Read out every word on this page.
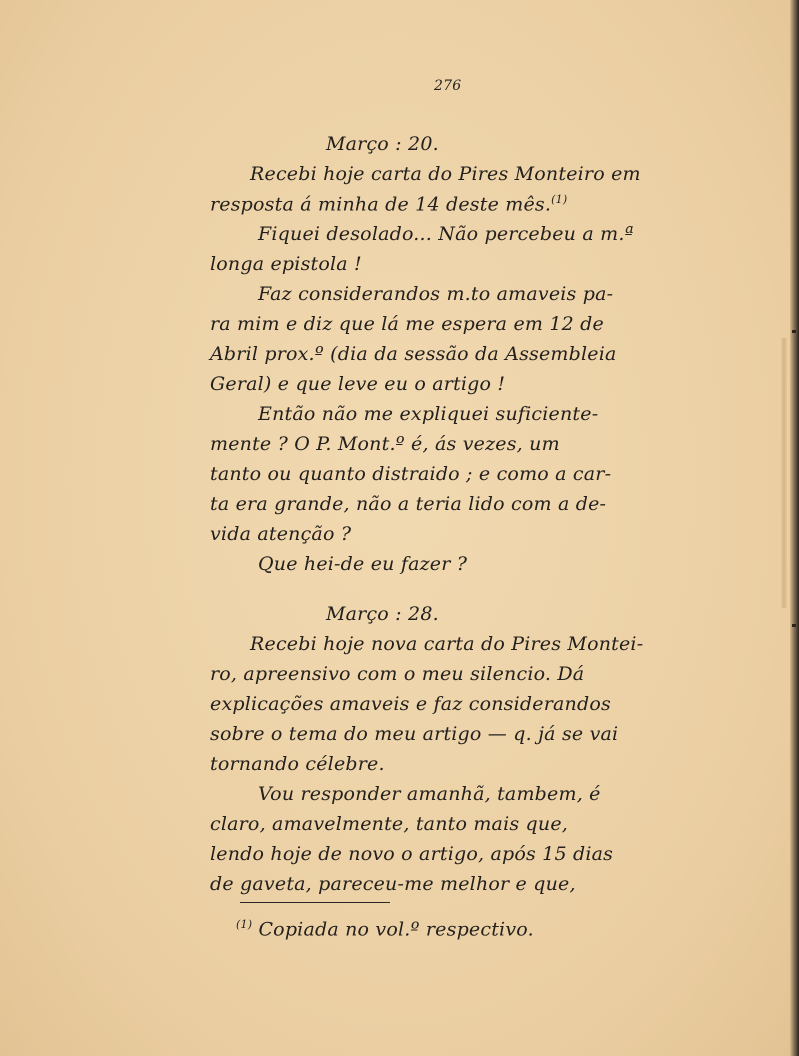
276
Março : 20.
Recebi hoje carta do Pires Monteiro em
resposta á minha de 14 deste mês.$^{(1)}$
Fiquei desolado... Não percebeu a m.ª
longa epistola !
Faz considerandos m.to amaveis pa-
ra mim e diz que lá me espera em 12 de
Abril prox.º (dia da sessão da Assembleia
Geral) e que leve eu o artigo !
Então não me expliquei suficiente-
mente ? O P. Mont.º é, ás vezes, um
tanto ou quanto distraido ; e como a car-
ta era grande, não a teria lido com a de-
vida atenção ?
Que hei-de eu fazer ?
Março : 28.
Recebi hoje nova carta do Pires Montei-
ro, apreensivo com o meu silencio. Dá
explicações amaveis e faz considerandos
sobre o tema do meu artigo — q. já se vai
tornando célebre.
Vou responder amanhã, tambem, é
claro, amavelmente, tanto mais que,
lendo hoje de novo o artigo, após 15 dias
de gaveta, pareceu-me melhor e que,
$^{(1)}$ Copiada no vol.º respectivo.
